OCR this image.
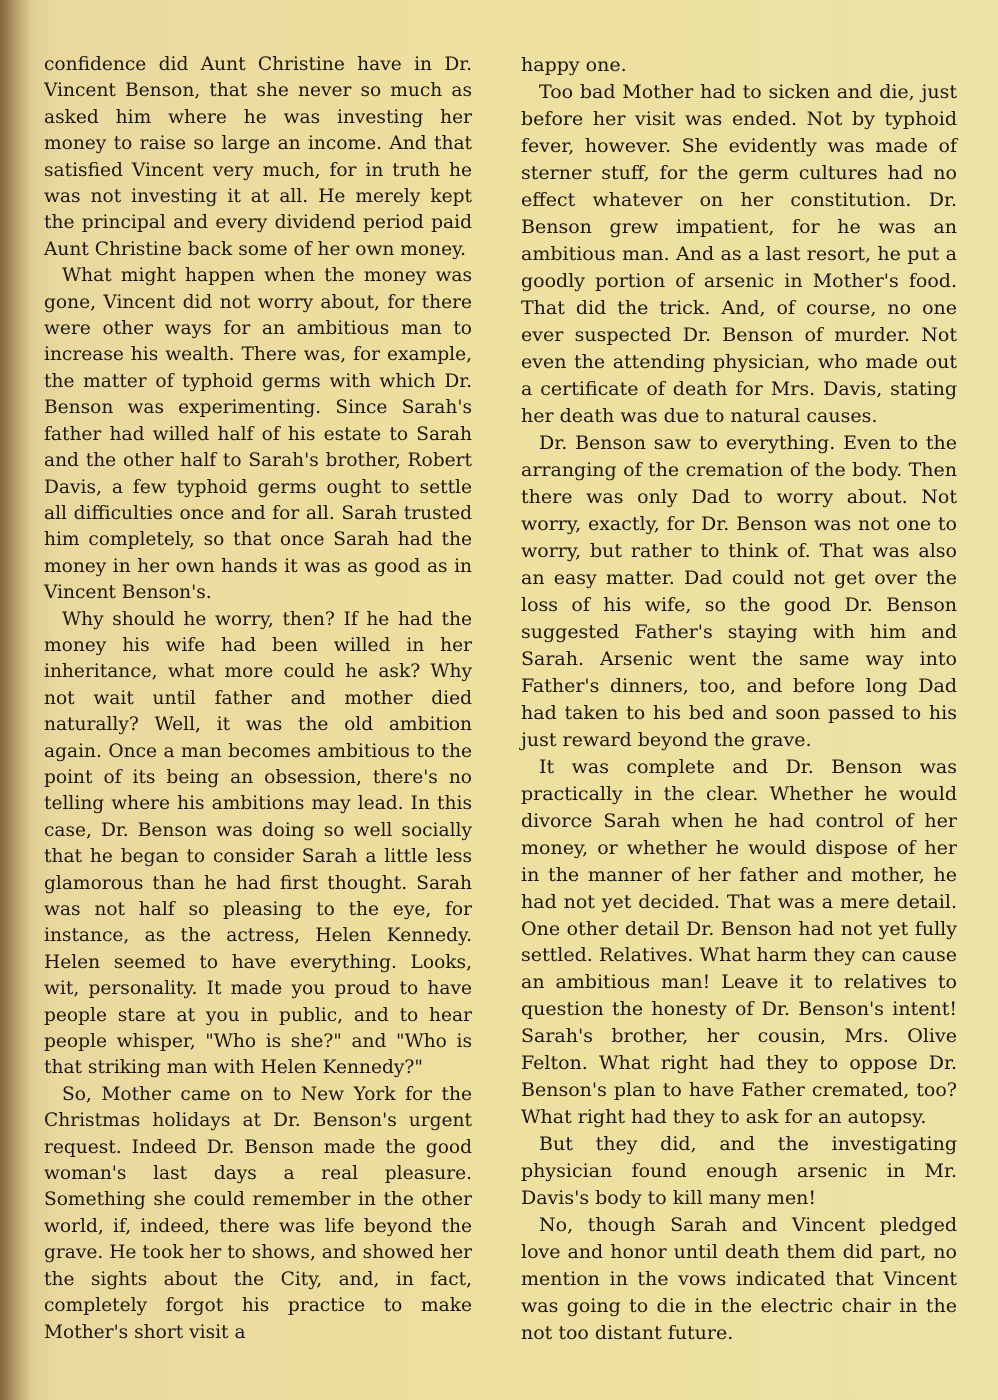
confidence did Aunt Christine have in Dr. Vincent Benson, that she never so much as asked him where he was investing her money to raise so large an income. And that satisfied Vincent very much, for in truth he was not investing it at all. He merely kept the principal and every dividend period paid Aunt Christine back some of her own money.

What might happen when the money was gone, Vincent did not worry about, for there were other ways for an ambitious man to increase his wealth. There was, for example, the matter of typhoid germs with which Dr. Benson was experimenting. Since Sarah's father had willed half of his estate to Sarah and the other half to Sarah's brother, Robert Davis, a few typhoid germs ought to settle all difficulties once and for all. Sarah trusted him completely, so that once Sarah had the money in her own hands it was as good as in Vincent Benson's.

Why should he worry, then? If he had the money his wife had been willed in her inheritance, what more could he ask? Why not wait until father and mother died naturally? Well, it was the old ambition again. Once a man becomes ambitious to the point of its being an obsession, there's no telling where his ambitions may lead. In this case, Dr. Benson was doing so well socially that he began to consider Sarah a little less glamorous than he had first thought. Sarah was not half so pleasing to the eye, for instance, as the actress, Helen Kennedy. Helen seemed to have everything. Looks, wit, personality. It made you proud to have people stare at you in public, and to hear people whisper, "Who is she?" and "Who is that striking man with Helen Kennedy?"

So, Mother came on to New York for the Christmas holidays at Dr. Benson's urgent request. Indeed Dr. Benson made the good woman's last days a real pleasure. Something she could remember in the other world, if, indeed, there was life beyond the grave. He took her to shows, and showed her the sights about the City, and, in fact, completely forgot his practice to make Mother's short visit a

happy one.

Too bad Mother had to sicken and die, just before her visit was ended. Not by typhoid fever, however. She evidently was made of sterner stuff, for the germ cultures had no effect whatever on her constitution. Dr. Benson grew impatient, for he was an ambitious man. And as a last resort, he put a goodly portion of arsenic in Mother's food. That did the trick. And, of course, no one ever suspected Dr. Benson of murder. Not even the attending physician, who made out a certificate of death for Mrs. Davis, stating her death was due to natural causes.

Dr. Benson saw to everything. Even to the arranging of the cremation of the body. Then there was only Dad to worry about. Not worry, exactly, for Dr. Benson was not one to worry, but rather to think of. That was also an easy matter. Dad could not get over the loss of his wife, so the good Dr. Benson suggested Father's staying with him and Sarah. Arsenic went the same way into Father's dinners, too, and before long Dad had taken to his bed and soon passed to his just reward beyond the grave.

It was complete and Dr. Benson was practically in the clear. Whether he would divorce Sarah when he had control of her money, or whether he would dispose of her in the manner of her father and mother, he had not yet decided. That was a mere detail. One other detail Dr. Benson had not yet fully settled. Relatives. What harm they can cause an ambitious man! Leave it to relatives to question the honesty of Dr. Benson's intent! Sarah's brother, her cousin, Mrs. Olive Felton. What right had they to oppose Dr. Benson's plan to have Father cremated, too? What right had they to ask for an autopsy.

But they did, and the investigating physician found enough arsenic in Mr. Davis's body to kill many men!

No, though Sarah and Vincent pledged love and honor until death them did part, no mention in the vows indicated that Vincent was going to die in the electric chair in the not too distant future.
